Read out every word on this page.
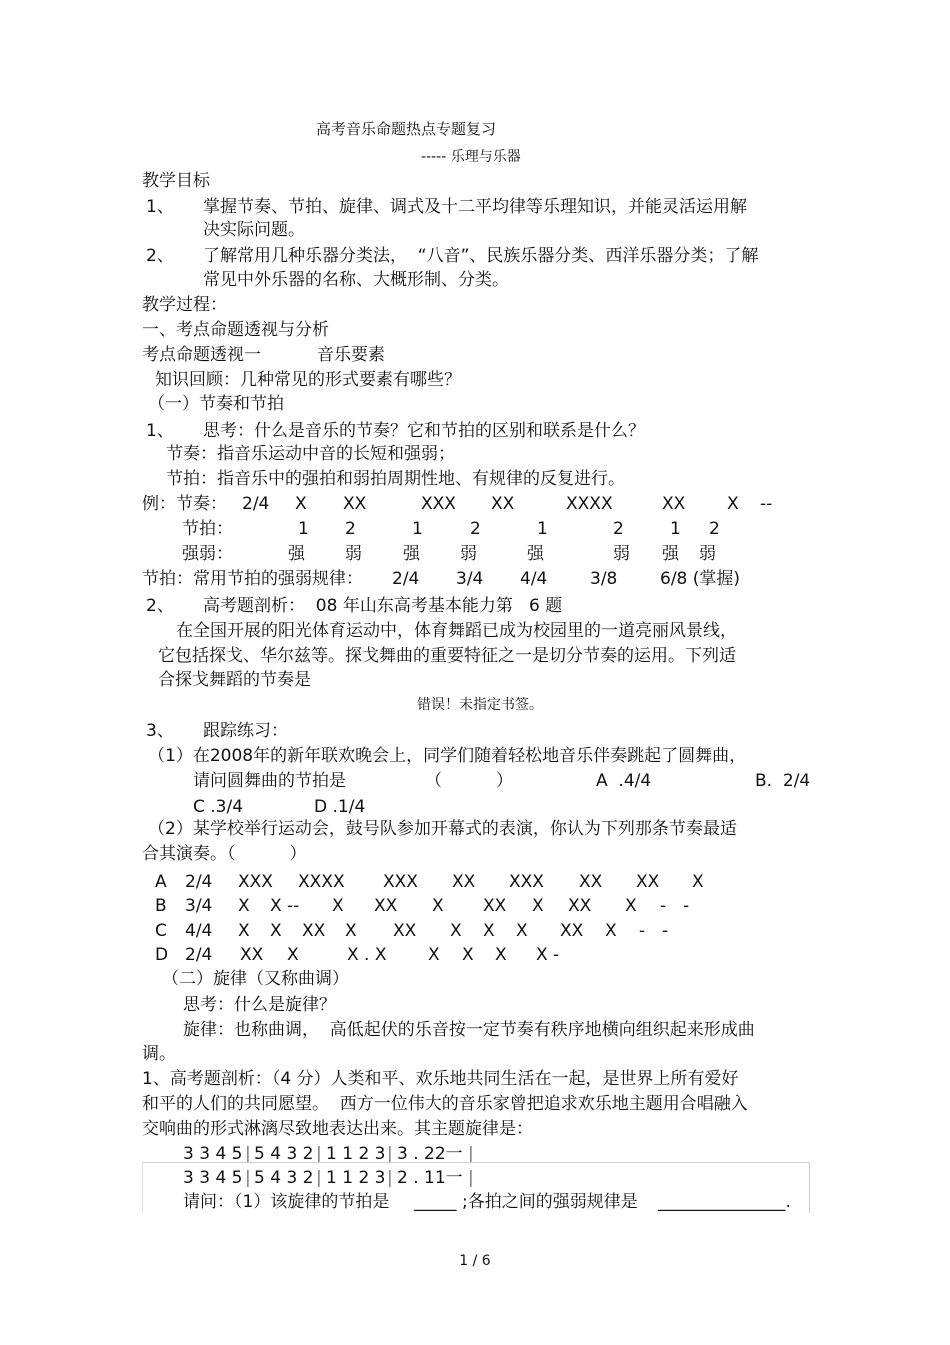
高考音乐命题热点专题复习
----- 乐理与乐器
教学目标
1、 掌握节奏、节拍、旋律、调式及十二平均律等乐理知识，并能灵活运用解
决实际问题。
2、 了解常用几种乐器分类法，  “八音”、民族乐器分类、西洋乐器分类；了解
常见中外乐器的名称、大概形制、分类。
教学过程：
一、考点命题透视与分析
考点命题透视一	音乐要素
知识回顾：几种常见的形式要素有哪些？
（一）节奏和节拍
1、 思考：什么是音乐的节奏？它和节拍的区别和联系是什么？
节奏：指音乐运动中音的长短和强弱；
节拍：指音乐中的强拍和弱拍周期性地、有规律的反复进行。
例：节奏： 2/4 X XX	XXX XX	XXXX	XX X --
节拍：	1 2	1	2	1	2	1 2
强弱：	强 弱 强 弱	强	弱 强 弱
节拍：常用节拍的强弱规律： 2/4 3/4 4/4	3/8	6/8 (掌握)
2、 高考题剖析：  08 年山东高考基本能力第   6 题
在全国开展的阳光体育运动中，体育舞蹈已成为校园里的一道亮丽风景线，
它包括探戈、华尔兹等。探戈舞曲的重要特征之一是切分节奏的运用。下列适
合探戈舞蹈的节奏是
错误！未指定书签。
3、 跟踪练习：
（1）在2008年的新年联欢晚会上，同学们随着轻松地音乐伴奏跳起了圆舞曲，
请问圆舞曲的节拍是	（          ）	A  .4/4	B.  2/4
C .3/4	D .1/4
（2）某学校举行运动会，鼓号队参加开幕式的表演，你认为下列那条节奏最适
合其演奏。（          ）
A 2/4 XXX XXXX XXX XX XXX XX XX X
B 3/4 X X -- X XX X XX X XX X - -
C 4/4 X X XX X XX X X X XX X - -
D 2/4 XX X	X . X X X X X -
（二）旋律（又称曲调）
思考：什么是旋律？
旋律：也称曲调，  高低起伏的乐音按一定节奏有秩序地横向组织起来形成曲
调。
1、高考题剖析：（4 分）人类和平、欢乐地共同生活在一起，是世界上所有爱好
和平的人们的共同愿望。  西方一位伟大的音乐家曾把追求欢乐地主题用合唱融入
交响曲的形式淋漓尽致地表达出来。其主题旋律是：
3 3 4 5 | 5 4 3 2 | 1 1 2 3 | 3 . 22一 |
3 3 4 5 | 5 4 3 2 | 1 1 2 3 | 2 . 11一 |
请问：（1）该旋律的节拍是 _____ ;各拍之间的强弱规律是 _______________.
1 / 6
